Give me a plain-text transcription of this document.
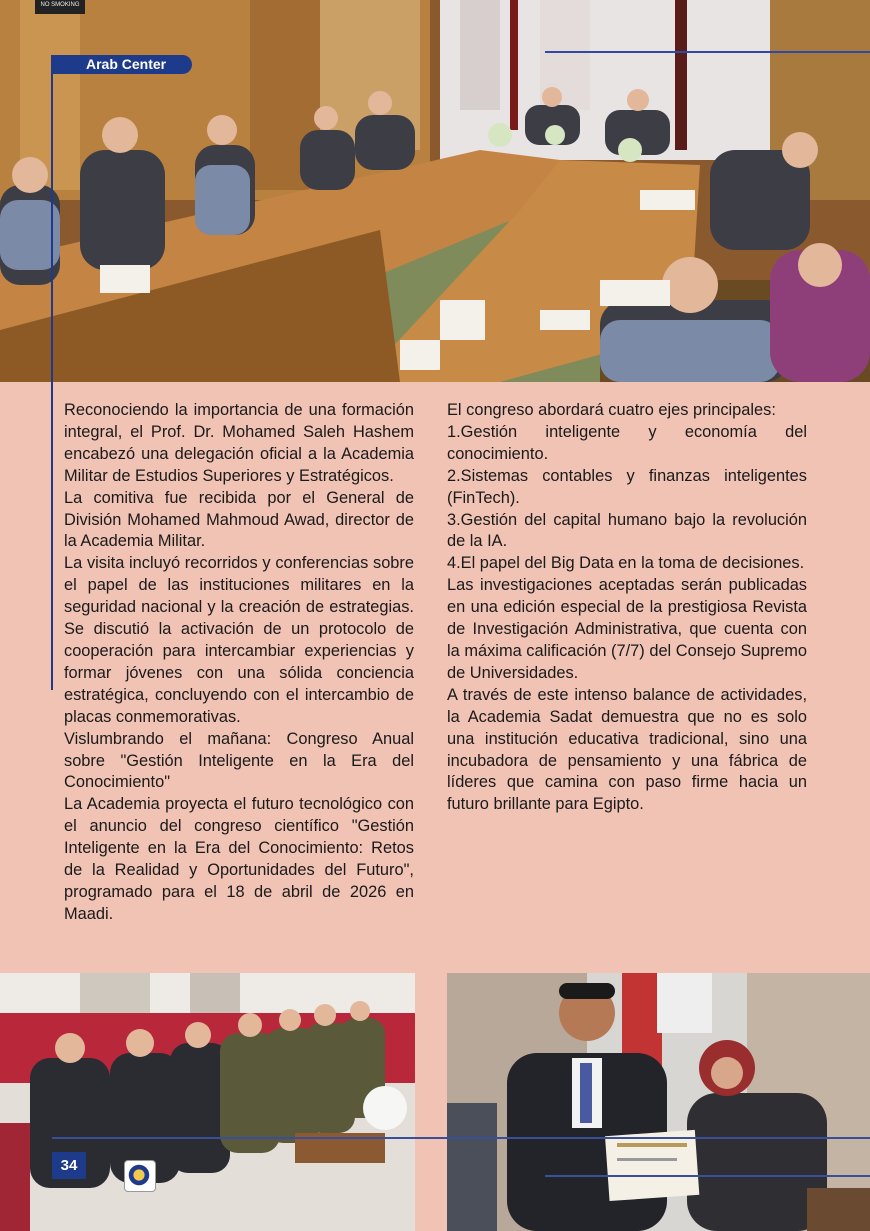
NO SMOKING
Arab Center

Reconociendo la importancia de una formación integral, el Prof. Dr. Mohamed Saleh Hashem encabezó una delegación oficial a la Academia Militar de Estudios Superiores y Estratégicos.

La comitiva fue recibida por el General de División Mohamed Mahmoud Awad, director de la Academia Militar.

La visita incluyó recorridos y conferencias sobre el papel de las instituciones militares en la seguridad nacional y la creación de estrategias. Se discutió la activación de un protocolo de cooperación para intercambiar experiencias y formar jóvenes con una sólida conciencia estratégica, concluyendo con el intercambio de placas conmemorativas.

Vislumbrando el mañana: Congreso Anual sobre "Gestión Inteligente en la Era del Conocimiento"

La Academia proyecta el futuro tecnológico con el anuncio del congreso científico "Gestión Inteligente en la Era del Conocimiento: Retos de la Realidad y Oportunidades del Futuro", programado para el 18 de abril de 2026 en Maadi.

El congreso abordará cuatro ejes principales:

1.Gestión inteligente y economía del conocimiento.

2.Sistemas contables y finanzas inteligentes (FinTech).

3.Gestión del capital humano bajo la revolución de la IA.

4.El papel del Big Data en la toma de decisiones.

Las investigaciones aceptadas serán publicadas en una edición especial de la prestigiosa Revista de Investigación Administrativa, que cuenta con la máxima calificación (7/7) del Consejo Supremo de Universidades.

A través de este intenso balance de actividades, la Academia Sadat demuestra que no es solo una institución educativa tradicional, sino una incubadora de pensamiento y una fábrica de líderes que camina con paso firme hacia un futuro brillante para Egipto.

34
